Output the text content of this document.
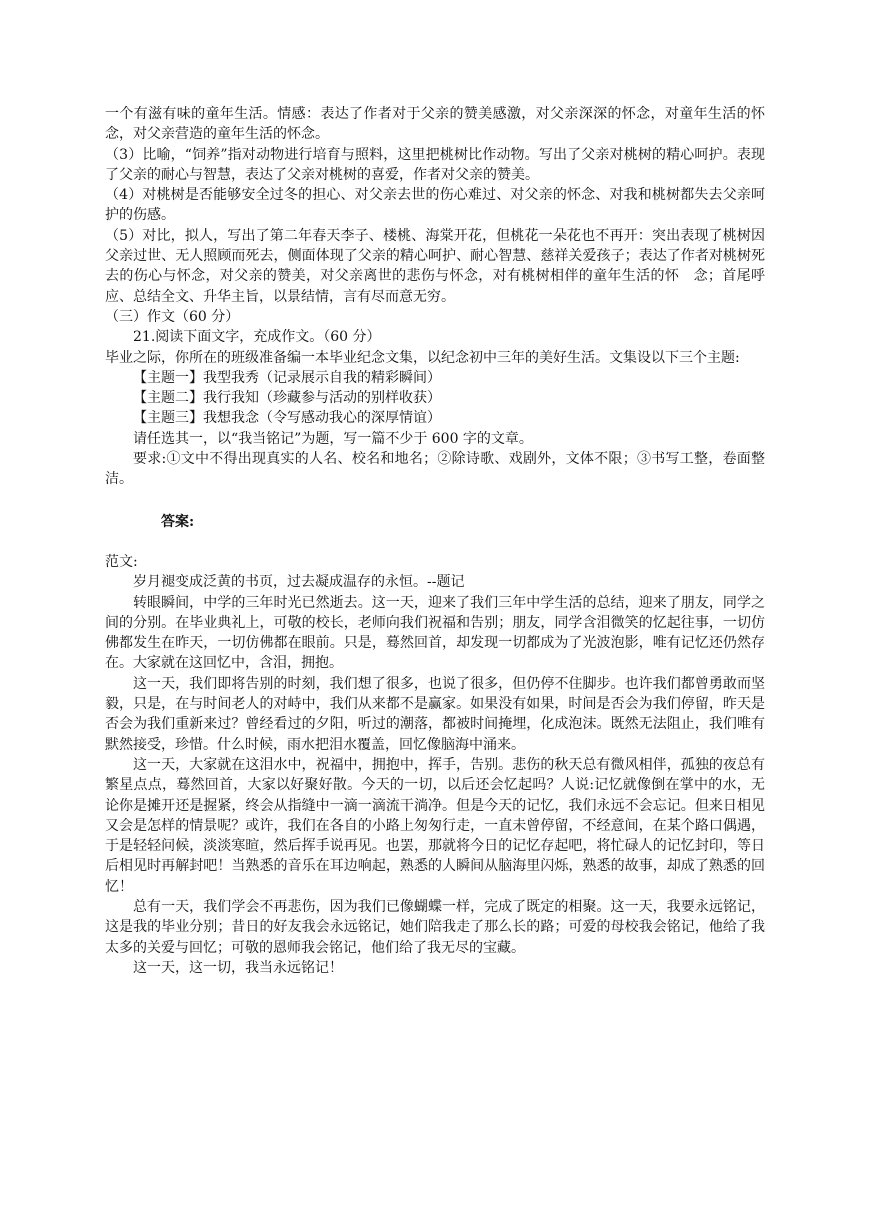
一个有滋有味的童年生活。情感：表达了作者对于父亲的赞美感激，对父亲深深的怀念，对童年生活的怀念，对父亲营造的童年生活的怀念。

（3）比喻，“饲养”指对动物进行培育与照料，这里把桃树比作动物。写出了父亲对桃树的精心呵护。表现了父亲的耐心与智慧，表达了父亲对桃树的喜爱，作者对父亲的赞美。

（4）对桃树是否能够安全过冬的担心、对父亲去世的伤心难过、对父亲的怀念、对我和桃树都失去父亲呵护的伤感。

（5）对比，拟人，写出了第二年春天李子、楼桃、海棠开花，但桃花一朵花也不再开：突出表现了桃树因父亲过世、无人照顾而死去，侧面体现了父亲的精心呵护、耐心智慧、慈祥关爱孩子；表达了作者对桃树死去的伤心与怀念，对父亲的赞美，对父亲离世的悲伤与怀念，对有桃树相伴的童年生活的怀　念；首尾呼应、总结全文、升华主旨，以景结情，言有尽而意无穷。

（三）作文（60 分）

21.阅读下面文字，充成作文。（60 分）

毕业之际，你所在的班级准备编一本毕业纪念文集，以纪念初中三年的美好生活。文集设以下三个主题:

【主题一】我型我秀（记录展示自我的精彩瞬间）

【主题二】我行我知（珍藏参与活动的别样收获）

【主题三】我想我念（令写感动我心的深厚情谊）

请任选其一，以“我当铭记”为题，写一篇不少于 600 字的文章。

要求:①文中不得出现真实的人名、校名和地名；②除诗歌、戏剧外，文体不限；③书写工整，卷面整洁。

答案:

范文:

岁月褪变成泛黄的书页，过去凝成温存的永恒。--题记

转眼瞬间，中学的三年时光已然逝去。这一天，迎来了我们三年中学生活的总结，迎来了朋友，同学之间的分别。在毕业典礼上，可敬的校长，老师向我们祝福和告别；朋友，同学含泪微笑的忆起往事，一切仿佛都发生在昨天，一切仿佛都在眼前。只是，蓦然回首，却发现一切都成为了光波泡影，唯有记忆还仍然存在。大家就在这回忆中，含泪，拥抱。

这一天，我们即将告别的时刻，我们想了很多，也说了很多，但仍停不住脚步。也许我们都曾勇敢而坚毅，只是，在与时间老人的对峙中，我们从来都不是赢家。如果没有如果，时间是否会为我们停留，昨天是否会为我们重新来过？曾经看过的夕阳，听过的潮落，都被时间掩埋，化成泡沫。既然无法阻止，我们唯有默然接受，珍惜。什么时候，雨水把泪水覆盖，回忆像脑海中涌来。

这一天，大家就在这泪水中，祝福中，拥抱中，挥手，告别。悲伤的秋天总有微风相伴，孤独的夜总有繁星点点，蓦然回首，大家以好聚好散。今天的一切，以后还会忆起吗？人说:记忆就像倒在掌中的水，无论你是摊开还是握紧，终会从指缝中一滴一滴流干淌净。但是今天的记忆，我们永远不会忘记。但来日相见又会是怎样的情景呢？或许，我们在各自的小路上匆匆行走，一直未曾停留，不经意间，在某个路口偶遇，于是轻轻问候，淡淡寒暄，然后挥手说再见。也罢，那就将今日的记忆存起吧，将忙碌人的记忆封印，等日后相见时再解封吧！当熟悉的音乐在耳边响起，熟悉的人瞬间从脑海里闪烁，熟悉的故事，却成了熟悉的回忆！

总有一天，我们学会不再悲伤，因为我们已像蝴蝶一样，完成了既定的相聚。这一天，我要永远铭记，这是我的毕业分别；昔日的好友我会永远铭记，她们陪我走了那么长的路；可爱的母校我会铭记，他给了我太多的关爱与回忆；可敬的恩师我会铭记，他们给了我无尽的宝藏。

这一天，这一切，我当永远铭记！
